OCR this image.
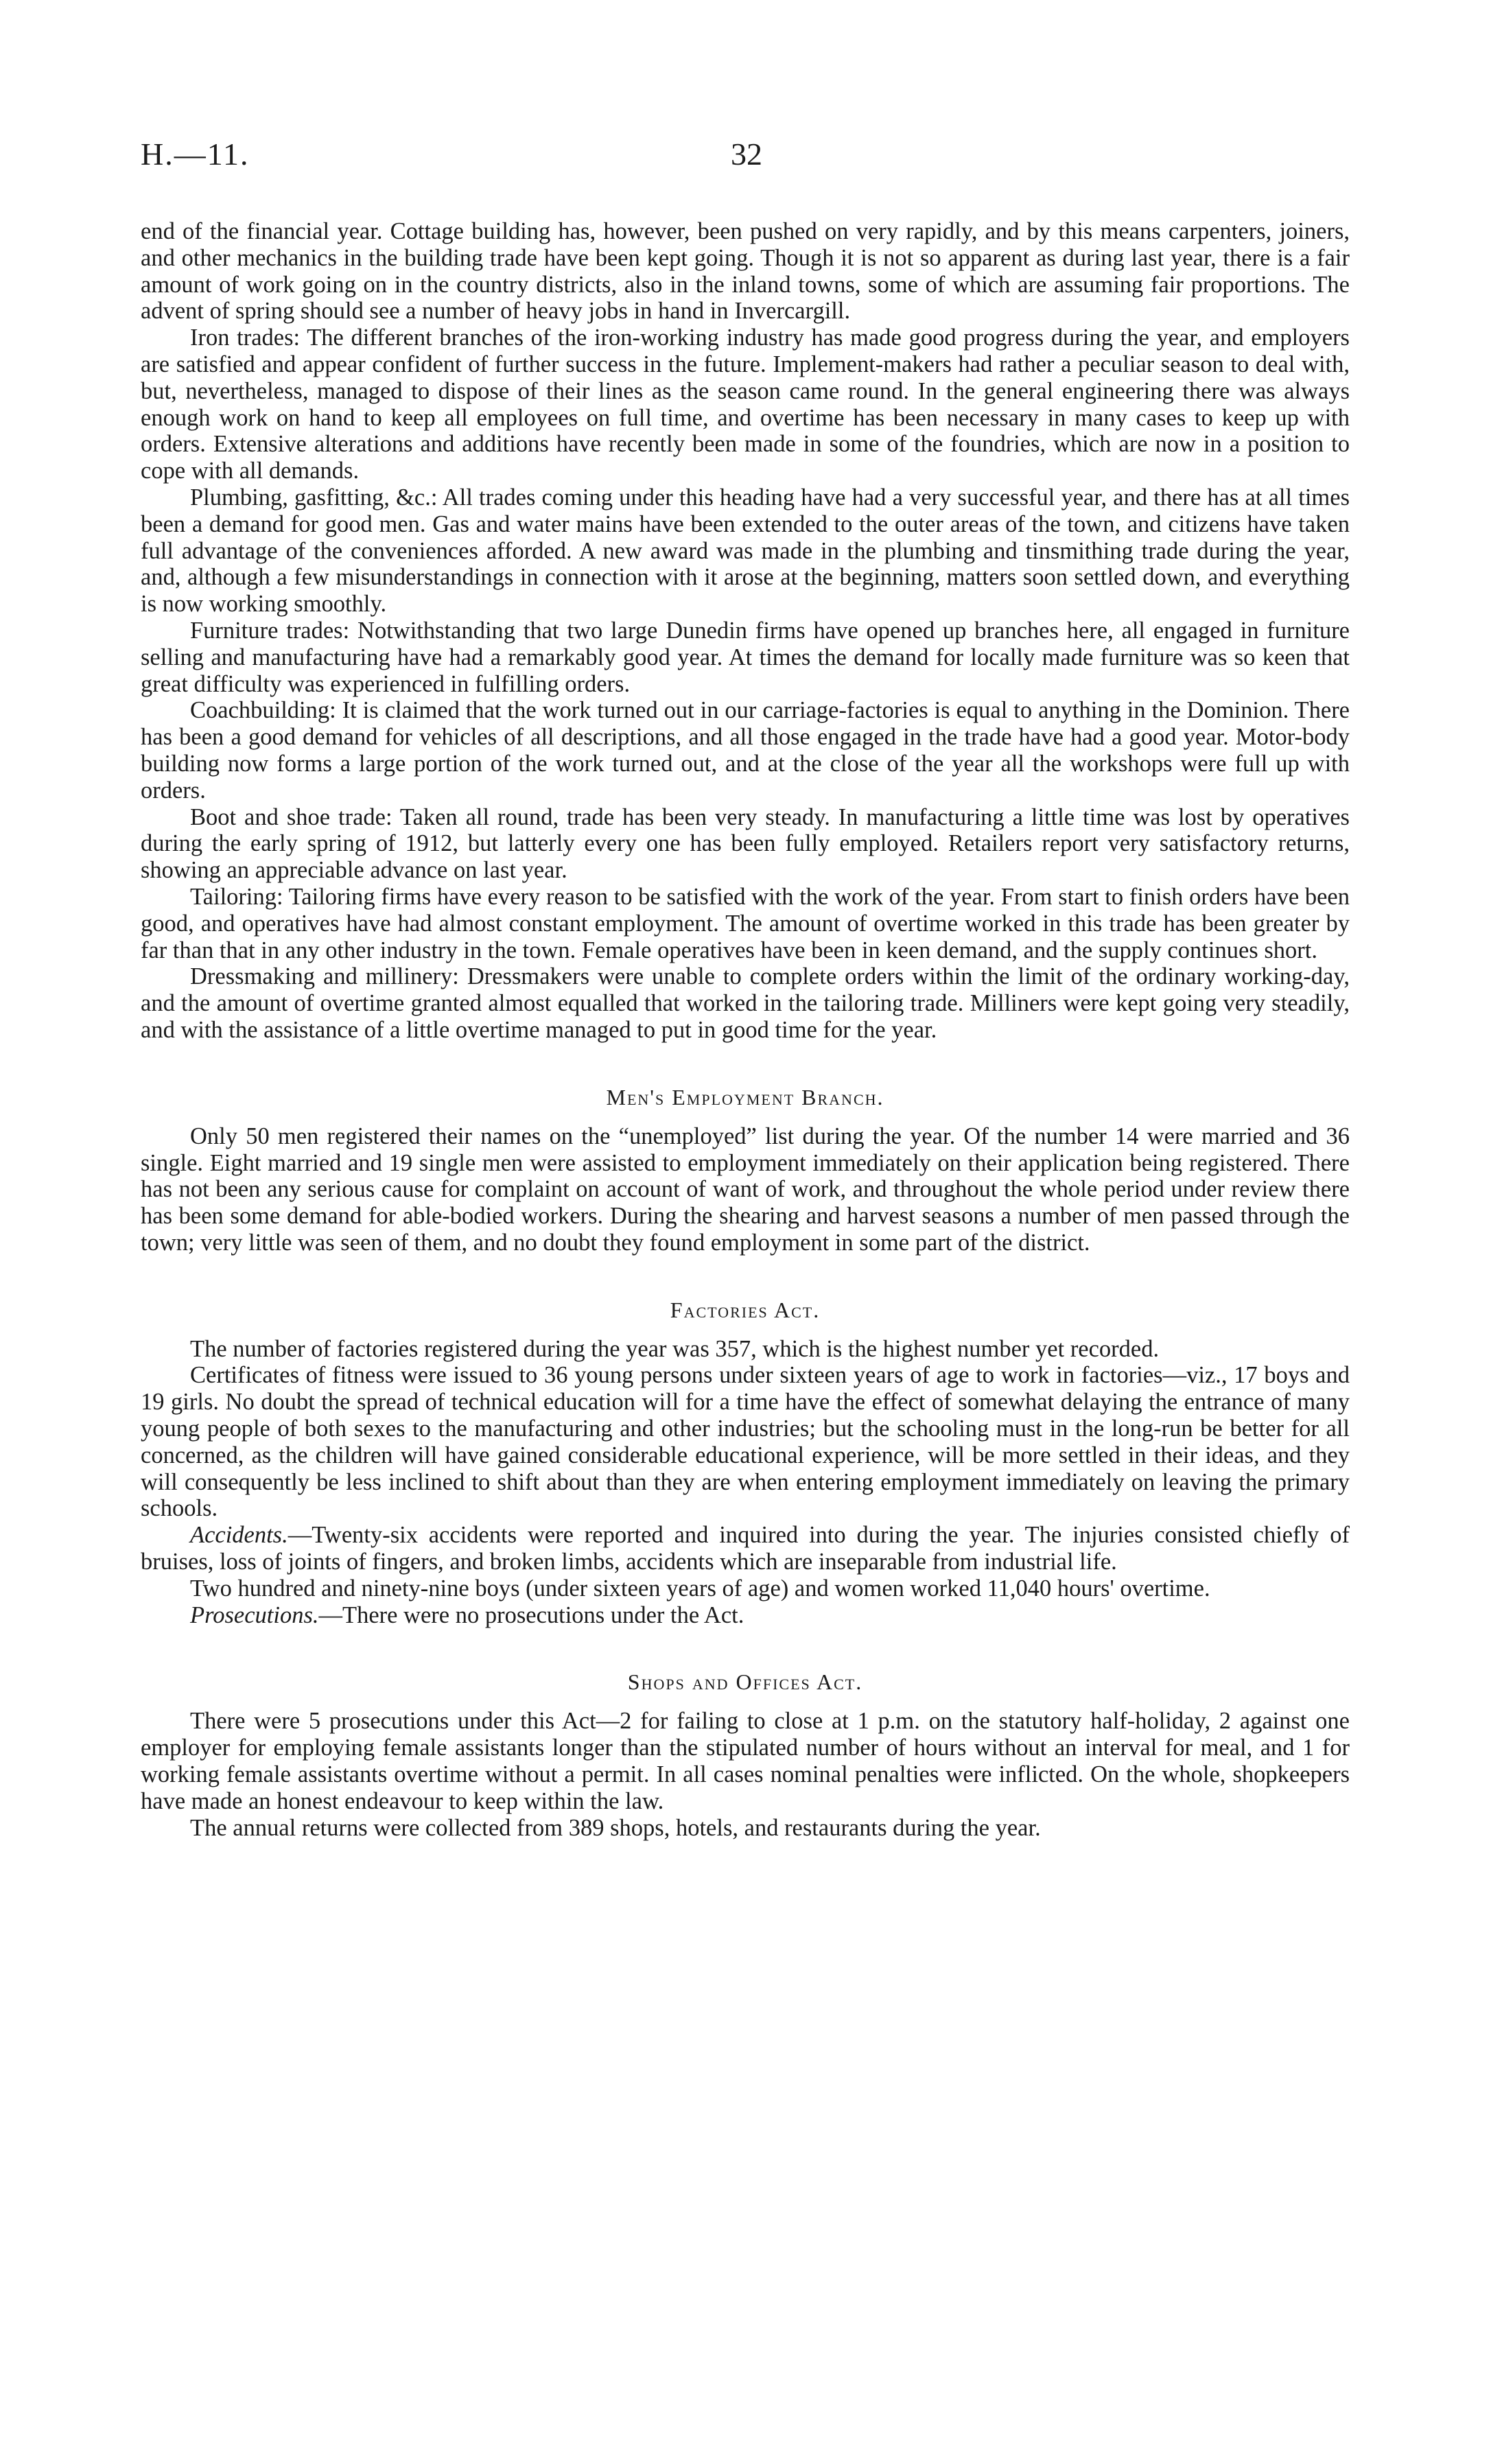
H.—11.	32

end of the financial year. Cottage building has, however, been pushed on very rapidly, and by this means carpenters, joiners, and other mechanics in the building trade have been kept going. Though it is not so apparent as during last year, there is a fair amount of work going on in the country districts, also in the inland towns, some of which are assuming fair proportions. The advent of spring should see a number of heavy jobs in hand in Invercargill.

Iron trades: The different branches of the iron-working industry has made good progress during the year, and employers are satisfied and appear confident of further success in the future. Implement-makers had rather a peculiar season to deal with, but, nevertheless, managed to dispose of their lines as the season came round. In the general engineering there was always enough work on hand to keep all employees on full time, and overtime has been necessary in many cases to keep up with orders. Extensive alterations and additions have recently been made in some of the foundries, which are now in a position to cope with all demands.

Plumbing, gasfitting, &c.: All trades coming under this heading have had a very successful year, and there has at all times been a demand for good men. Gas and water mains have been extended to the outer areas of the town, and citizens have taken full advantage of the conveniences afforded. A new award was made in the plumbing and tinsmithing trade during the year, and, although a few misunderstandings in connection with it arose at the beginning, matters soon settled down, and everything is now working smoothly.

Furniture trades: Notwithstanding that two large Dunedin firms have opened up branches here, all engaged in furniture selling and manufacturing have had a remarkably good year. At times the demand for locally made furniture was so keen that great difficulty was experienced in fulfilling orders.

Coachbuilding: It is claimed that the work turned out in our carriage-factories is equal to anything in the Dominion. There has been a good demand for vehicles of all descriptions, and all those engaged in the trade have had a good year. Motor-body building now forms a large portion of the work turned out, and at the close of the year all the workshops were full up with orders.

Boot and shoe trade: Taken all round, trade has been very steady. In manufacturing a little time was lost by operatives during the early spring of 1912, but latterly every one has been fully employed. Retailers report very satisfactory returns, showing an appreciable advance on last year.

Tailoring: Tailoring firms have every reason to be satisfied with the work of the year. From start to finish orders have been good, and operatives have had almost constant employment. The amount of overtime worked in this trade has been greater by far than that in any other industry in the town. Female operatives have been in keen demand, and the supply continues short.

Dressmaking and millinery: Dressmakers were unable to complete orders within the limit of the ordinary working-day, and the amount of overtime granted almost equalled that worked in the tailoring trade. Milliners were kept going very steadily, and with the assistance of a little overtime managed to put in good time for the year.

Men's Employment Branch.

Only 50 men registered their names on the “unemployed” list during the year. Of the number 14 were married and 36 single. Eight married and 19 single men were assisted to employment immediately on their application being registered. There has not been any serious cause for complaint on account of want of work, and throughout the whole period under review there has been some demand for able-bodied workers. During the shearing and harvest seasons a number of men passed through the town; very little was seen of them, and no doubt they found employment in some part of the district.

Factories Act.

The number of factories registered during the year was 357, which is the highest number yet recorded.

Certificates of fitness were issued to 36 young persons under sixteen years of age to work in factories—viz., 17 boys and 19 girls. No doubt the spread of technical education will for a time have the effect of somewhat delaying the entrance of many young people of both sexes to the manufacturing and other industries; but the schooling must in the long-run be better for all concerned, as the children will have gained considerable educational experience, will be more settled in their ideas, and they will consequently be less inclined to shift about than they are when entering employment immediately on leaving the primary schools.

Accidents.—Twenty-six accidents were reported and inquired into during the year. The injuries consisted chiefly of bruises, loss of joints of fingers, and broken limbs, accidents which are inseparable from industrial life.

Two hundred and ninety-nine boys (under sixteen years of age) and women worked 11,040 hours' overtime.

Prosecutions.—There were no prosecutions under the Act.

Shops and Offices Act.

There were 5 prosecutions under this Act—2 for failing to close at 1 p.m. on the statutory half-holiday, 2 against one employer for employing female assistants longer than the stipulated number of hours without an interval for meal, and 1 for working female assistants overtime without a permit. In all cases nominal penalties were inflicted. On the whole, shopkeepers have made an honest endeavour to keep within the law.

The annual returns were collected from 389 shops, hotels, and restaurants during the year.
